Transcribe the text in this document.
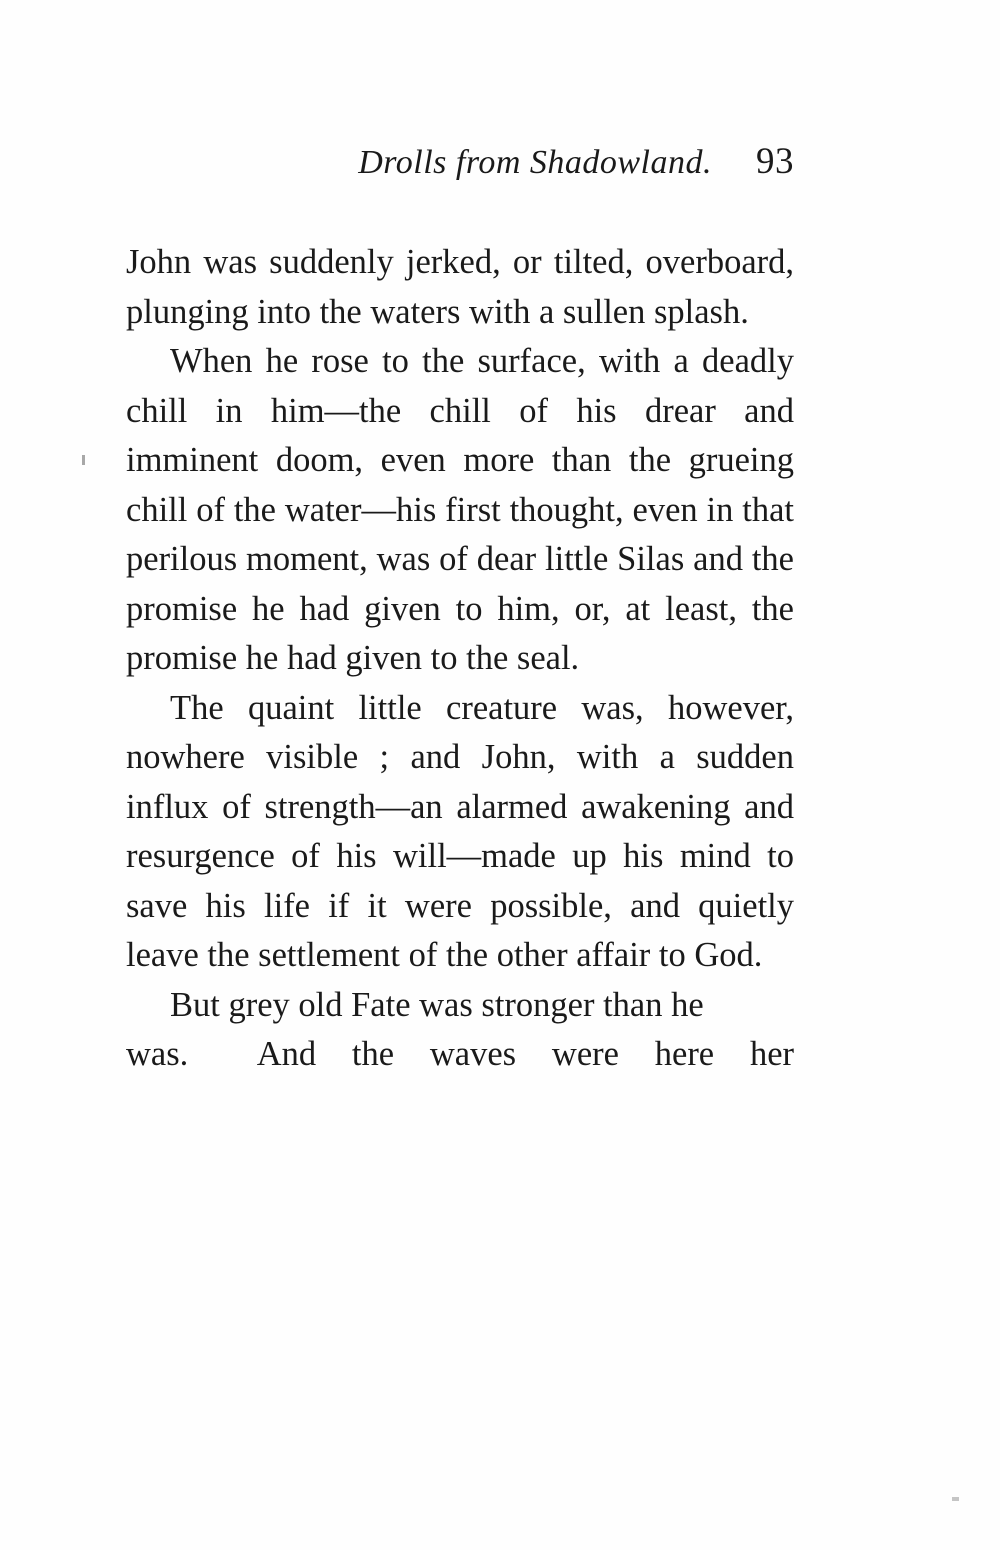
Drolls from Shadowland. 93

John was suddenly jerked, or tilted, overboard, plunging into the waters with a sullen splash.

When he rose to the surface, with a deadly chill in him—the chill of his drear and imminent doom, even more than the grueing chill of the water—his first thought, even in that perilous moment, was of dear little Silas and the promise he had given to him, or, at least, the promise he had given to the seal.

The quaint little creature was, however, nowhere visible ; and John, with a sudden influx of strength—an alarmed awakening and resurgence of his will—made up his mind to save his life if it were possible, and quietly leave the settlement of the other affair to God.

But grey old Fate was stronger than he

was.  And the waves were here her
